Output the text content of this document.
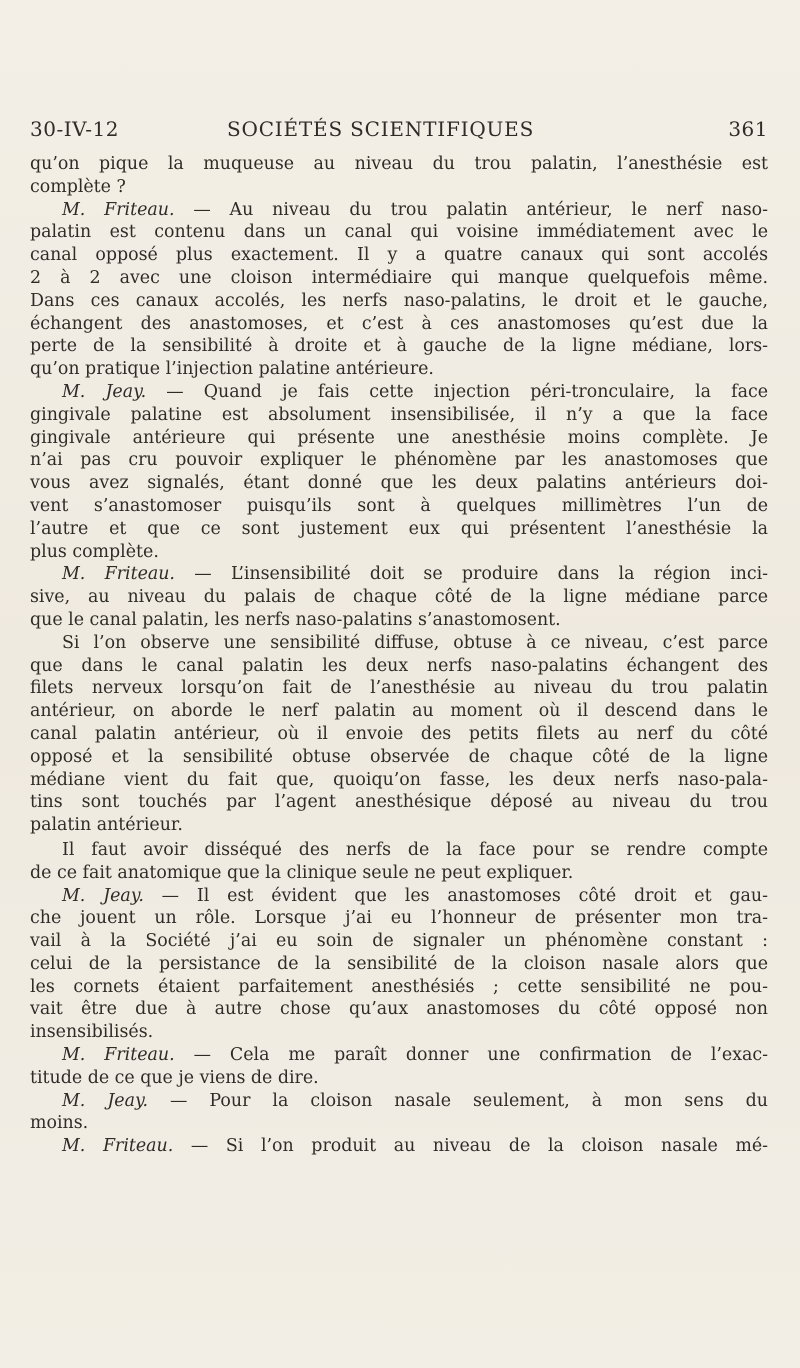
30-IV-12	SOCIÉTÉS SCIENTIFIQUES	361
qu’on pique la muqueuse au niveau du trou palatin, l’anesthésie est
complète ?
M. Friteau. — Au niveau du trou palatin antérieur, le nerf naso-
palatin est contenu dans un canal qui voisine immédiatement avec le
canal opposé plus exactement. Il y a quatre canaux qui sont accolés
2 à 2 avec une cloison intermédiaire qui manque quelquefois même.
Dans ces canaux accolés, les nerfs naso-palatins, le droit et le gauche,
échangent des anastomoses, et c’est à ces anastomoses qu’est due la
perte de la sensibilité à droite et à gauche de la ligne médiane, lors-
qu’on pratique l’injection palatine antérieure.
M. Jeay. — Quand je fais cette injection péri-tronculaire, la face
gingivale palatine est absolument insensibilisée, il n’y a que la face
gingivale antérieure qui présente une anesthésie moins complète. Je
n’ai pas cru pouvoir expliquer le phénomène par les anastomoses que
vous avez signalés, étant donné que les deux palatins antérieurs doi-
vent s’anastomoser puisqu’ils sont à quelques millimètres l’un de
l’autre et que ce sont justement eux qui présentent l’anesthésie la
plus complète.
M. Friteau. — L’insensibilité doit se produire dans la région inci-
sive, au niveau du palais de chaque côté de la ligne médiane parce
que le canal palatin, les nerfs naso-palatins s’anastomosent.
Si l’on observe une sensibilité diffuse, obtuse à ce niveau, c’est parce
que dans le canal palatin les deux nerfs naso-palatins échangent des
filets nerveux lorsqu’on fait de l’anesthésie au niveau du trou palatin
antérieur, on aborde le nerf palatin au moment où il descend dans le
canal palatin antérieur, où il envoie des petits filets au nerf du côté
opposé et la sensibilité obtuse observée de chaque côté de la ligne
médiane vient du fait que, quoiqu’on fasse, les deux nerfs naso-pala-
tins sont touchés par l’agent anesthésique déposé au niveau du trou
palatin antérieur.
Il faut avoir disséqué des nerfs de la face pour se rendre compte
de ce fait anatomique que la clinique seule ne peut expliquer.
M. Jeay. — Il est évident que les anastomoses côté droit et gau-
che jouent un rôle. Lorsque j’ai eu l’honneur de présenter mon tra-
vail à la Société j’ai eu soin de signaler un phénomène constant :
celui de la persistance de la sensibilité de la cloison nasale alors que
les cornets étaient parfaitement anesthésiés ; cette sensibilité ne pou-
vait être due à autre chose qu’aux anastomoses du côté opposé non
insensibilisés.
M. Friteau. — Cela me paraît donner une confirmation de l’exac-
titude de ce que je viens de dire.
M. Jeay. — Pour la cloison nasale seulement, à mon sens du
moins.
M. Friteau. — Si l’on produit au niveau de la cloison nasale mé-
